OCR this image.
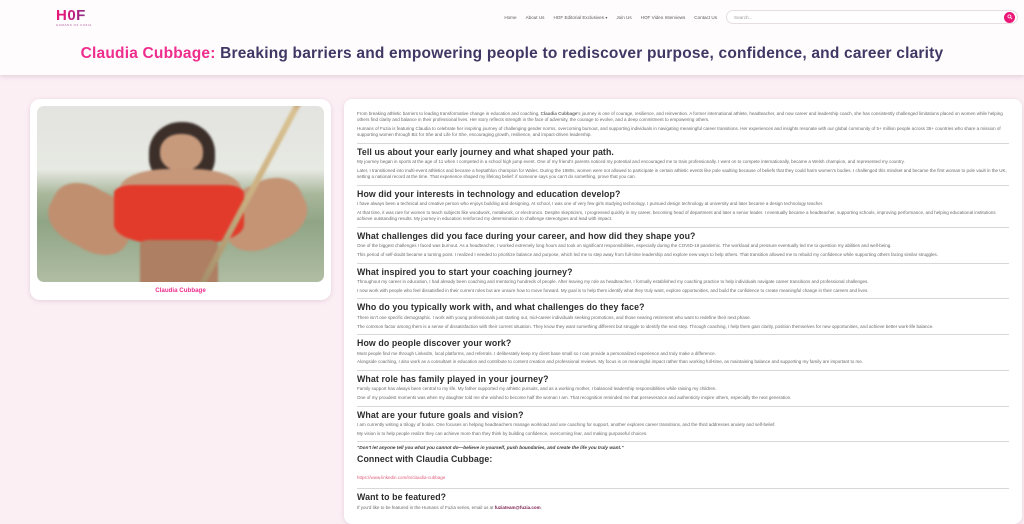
H0F
HUMANS OF FUZIA
Home About Us HOF Editorial Exclusives ▾ Join Us HOF Video Interviews Contact Us
Search...
Claudia Cubbage: Breaking barriers and empowering people to rediscover purpose, confidence, and career clarity
Claudia Cubbage

From breaking athletic barriers to leading transformative change in education and coaching, Claudia Cubbage's journey is one of courage, resilience, and reinvention. A former international athlete, headteacher, and now career and leadership coach, she has consistently challenged limitations placed on women while helping others find clarity and balance in their professional lives. Her story reflects strength in the face of adversity, the courage to evolve, and a deep commitment to empowering others.

Humans of Fuzia is featuring Claudia to celebrate her inspiring journey of challenging gender norms, overcoming burnout, and supporting individuals in navigating meaningful career transitions. Her experiences and insights resonate with our global community of 5+ million people across 35+ countries who share a mission of supporting women through Biz for She and Life for She, encouraging growth, resilience, and impact-driven leadership.

Tell us about your early journey and what shaped your path.

My journey began in sports at the age of 11 when I competed in a school high jump event. One of my friend's parents noticed my potential and encouraged me to train professionally. I went on to compete internationally, became a Welsh champion, and represented my country.

Later, I transitioned into multi-event athletics and became a heptathlon champion for Wales. During the 1980s, women were not allowed to participate in certain athletic events like pole vaulting because of beliefs that they could harm women's bodies. I challenged this mindset and became the first woman to pole vault in the UK, setting a national record at the time. That experience shaped my lifelong belief: if someone says you can't do something, prove that you can.

How did your interests in technology and education develop?

I have always been a technical and creative person who enjoys building and designing. At school, I was one of very few girls studying technology. I pursued design technology at university and later became a design technology teacher.

At that time, it was rare for women to teach subjects like woodwork, metalwork, or electronics. Despite skepticism, I progressed quickly in my career, becoming head of department and later a senior leader. I eventually became a headteacher, supporting schools, improving performance, and helping educational institutions achieve outstanding results. My journey in education reinforced my determination to challenge stereotypes and lead with impact.

What challenges did you face during your career, and how did they shape you?

One of the biggest challenges I faced was burnout. As a headteacher, I worked extremely long hours and took on significant responsibilities, especially during the COVID-19 pandemic. The workload and pressure eventually led me to question my abilities and well-being.

This period of self-doubt became a turning point. I realized I needed to prioritize balance and purpose, which led me to step away from full-time leadership and explore new ways to help others. That transition allowed me to rebuild my confidence while supporting others facing similar struggles.

What inspired you to start your coaching journey?

Throughout my career in education, I had already been coaching and mentoring hundreds of people. After leaving my role as headteacher, I formally established my coaching practice to help individuals navigate career transitions and professional challenges.

I now work with people who feel dissatisfied in their current roles but are unsure how to move forward. My goal is to help them identify what they truly want, explore opportunities, and build the confidence to create meaningful change in their careers and lives.

Who do you typically work with, and what challenges do they face?

There isn't one specific demographic. I work with young professionals just starting out, mid-career individuals seeking promotions, and those nearing retirement who want to redefine their next phase.

The common factor among them is a sense of dissatisfaction with their current situation. They know they want something different but struggle to identify the next step. Through coaching, I help them gain clarity, position themselves for new opportunities, and achieve better work-life balance.

How do people discover your work?

Most people find me through LinkedIn, local platforms, and referrals. I deliberately keep my client base small so I can provide a personalized experience and truly make a difference.

Alongside coaching, I also work as a consultant in education and contribute to content creation and professional reviews. My focus is on meaningful impact rather than working full-time, as maintaining balance and supporting my family are important to me.

What role has family played in your journey?

Family support has always been central to my life. My father supported my athletic pursuits, and as a working mother, I balanced leadership responsibilities while raising my children.

One of my proudest moments was when my daughter told me she wished to become half the woman I am. That recognition reminded me that perseverance and authenticity inspire others, especially the next generation.

What are your future goals and vision?

I am currently writing a trilogy of books. One focuses on helping headteachers manage workload and use coaching for support, another explores career transitions, and the third addresses anxiety and self-belief.

My vision is to help people realize they can achieve more than they think by building confidence, overcoming fear, and making purposeful choices.

"Don't let anyone tell you what you cannot do—believe in yourself, push boundaries, and create the life you truly want."

Connect with Claudia Cubbage:
https://www.linkedin.com/in/claudia-cubbage
Want to be featured?

If you'd like to be featured in the Humans of Fuzia series, email us at fuziateam@fuzia.com.
